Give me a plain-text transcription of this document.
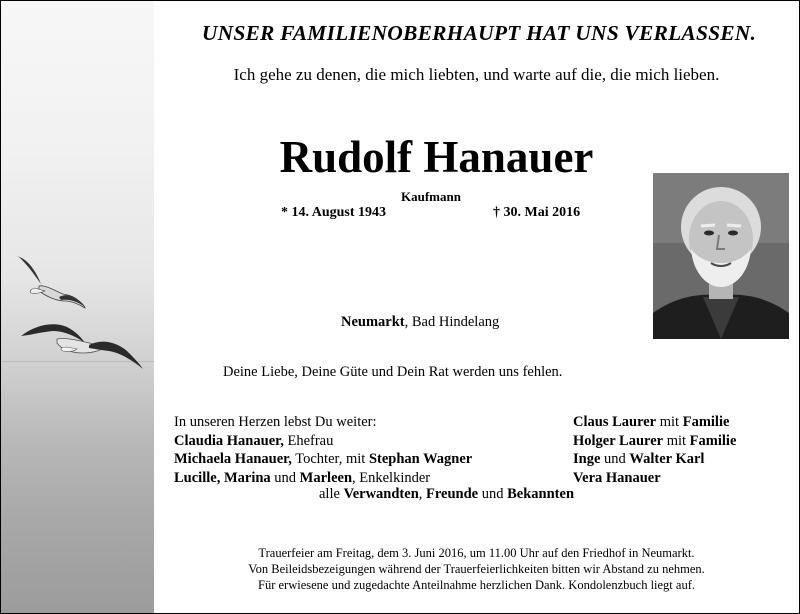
UNSER FAMILIENOBERHAUPT HAT UNS VERLASSEN.
Ich gehe zu denen, die mich liebten, und warte auf die, die mich lieben.
Rudolf Hanauer
Kaufmann
* 14. August 1943	† 30. Mai 2016
Neumarkt, Bad Hindelang
Deine Liebe, Deine Güte und Dein Rat werden uns fehlen.
In unseren Herzen lebst Du weiter:
Claudia Hanauer, Ehefrau
Michaela Hanauer, Tochter, mit Stephan Wagner
Lucille, Marina und Marleen, Enkelkinder
Claus Laurer mit Familie
Holger Laurer mit Familie
Inge und Walter Karl
Vera Hanauer
alle Verwandten, Freunde und Bekannten
Trauerfeier am Freitag, dem 3. Juni 2016, um 11.00 Uhr auf den Friedhof in Neumarkt.
Von Beileidsbezeigungen während der Trauerfeierlichkeiten bitten wir Abstand zu nehmen.
Für erwiesene und zugedachte Anteilnahme herzlichen Dank. Kondolenzbuch liegt auf.
